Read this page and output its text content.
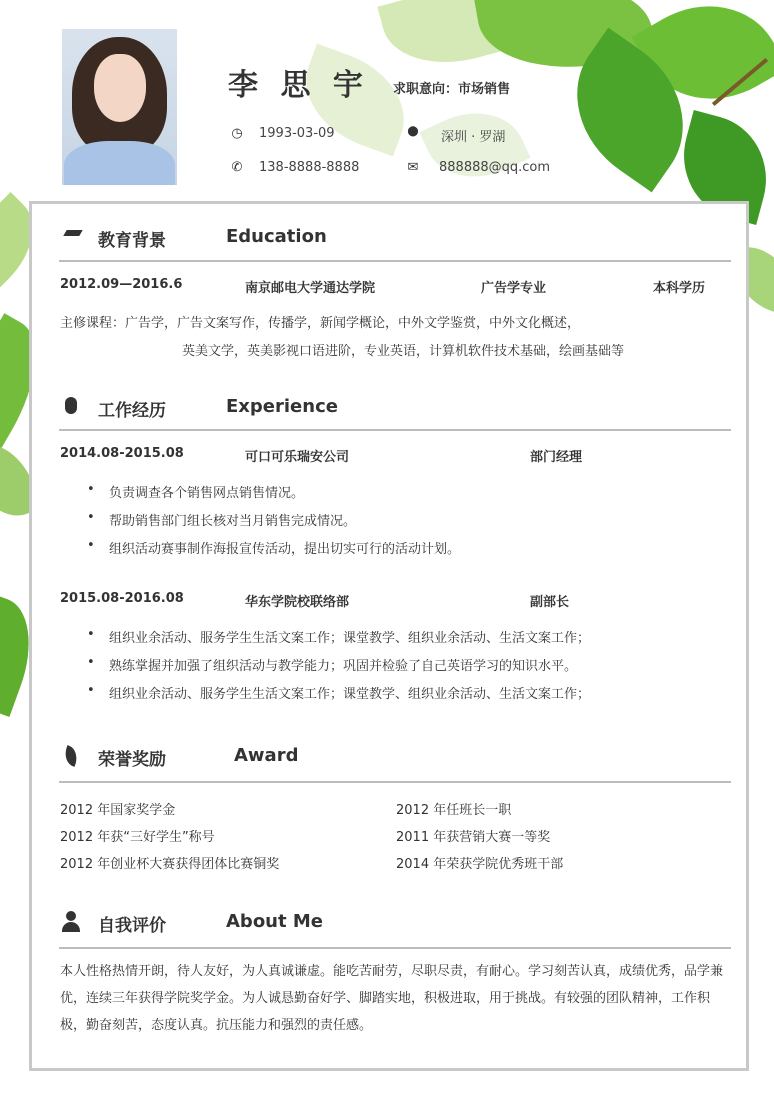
李 思 宇 求职意向：市场销售
◷ 1993-03-09	⬤ 深圳 · 罗湖
✆ 138-8888-8888	✉ 888888@qq.com
教育背景	Education
2012.09—2016.6	南京邮电大学通达学院	广告学专业	本科学历
主修课程：广告学，广告文案写作，传播学，新闻学概论，中外文学鉴赏，中外文化概述，
英美文学，英美影视口语进阶，专业英语，计算机软件技术基础，绘画基础等
工作经历	Experience
2014.08-2015.08	可口可乐瑞安公司	部门经理
• 负责调查各个销售网点销售情况。
• 帮助销售部门组长核对当月销售完成情况。
• 组织活动赛事制作海报宣传活动，提出切实可行的活动计划。
2015.08-2016.08	华东学院校联络部	副部长
• 组织业余活动、服务学生生活文案工作；课堂教学、组织业余活动、生活文案工作；
• 熟练掌握并加强了组织活动与教学能力；巩固并检验了自己英语学习的知识水平。
• 组织业余活动、服务学生生活文案工作；课堂教学、组织业余活动、生活文案工作；
荣誉奖励	Award
2012 年国家奖学金	2012 年任班长一职
2012 年获“三好学生”称号	2011 年获营销大赛一等奖
2012 年创业杯大赛获得团体比赛铜奖	2014 年荣获学院优秀班干部
自我评价	About Me
本人性格热情开朗，待人友好，为人真诚谦虚。能吃苦耐劳，尽职尽责，有耐心。学习刻苦认真，成绩优秀，品学兼优，连续三年获得学院奖学金。为人诚恳勤奋好学、脚踏实地，积极进取，用于挑战。有较强的团队精神，工作积极，勤奋刻苦，态度认真。抗压能力和强烈的责任感。
